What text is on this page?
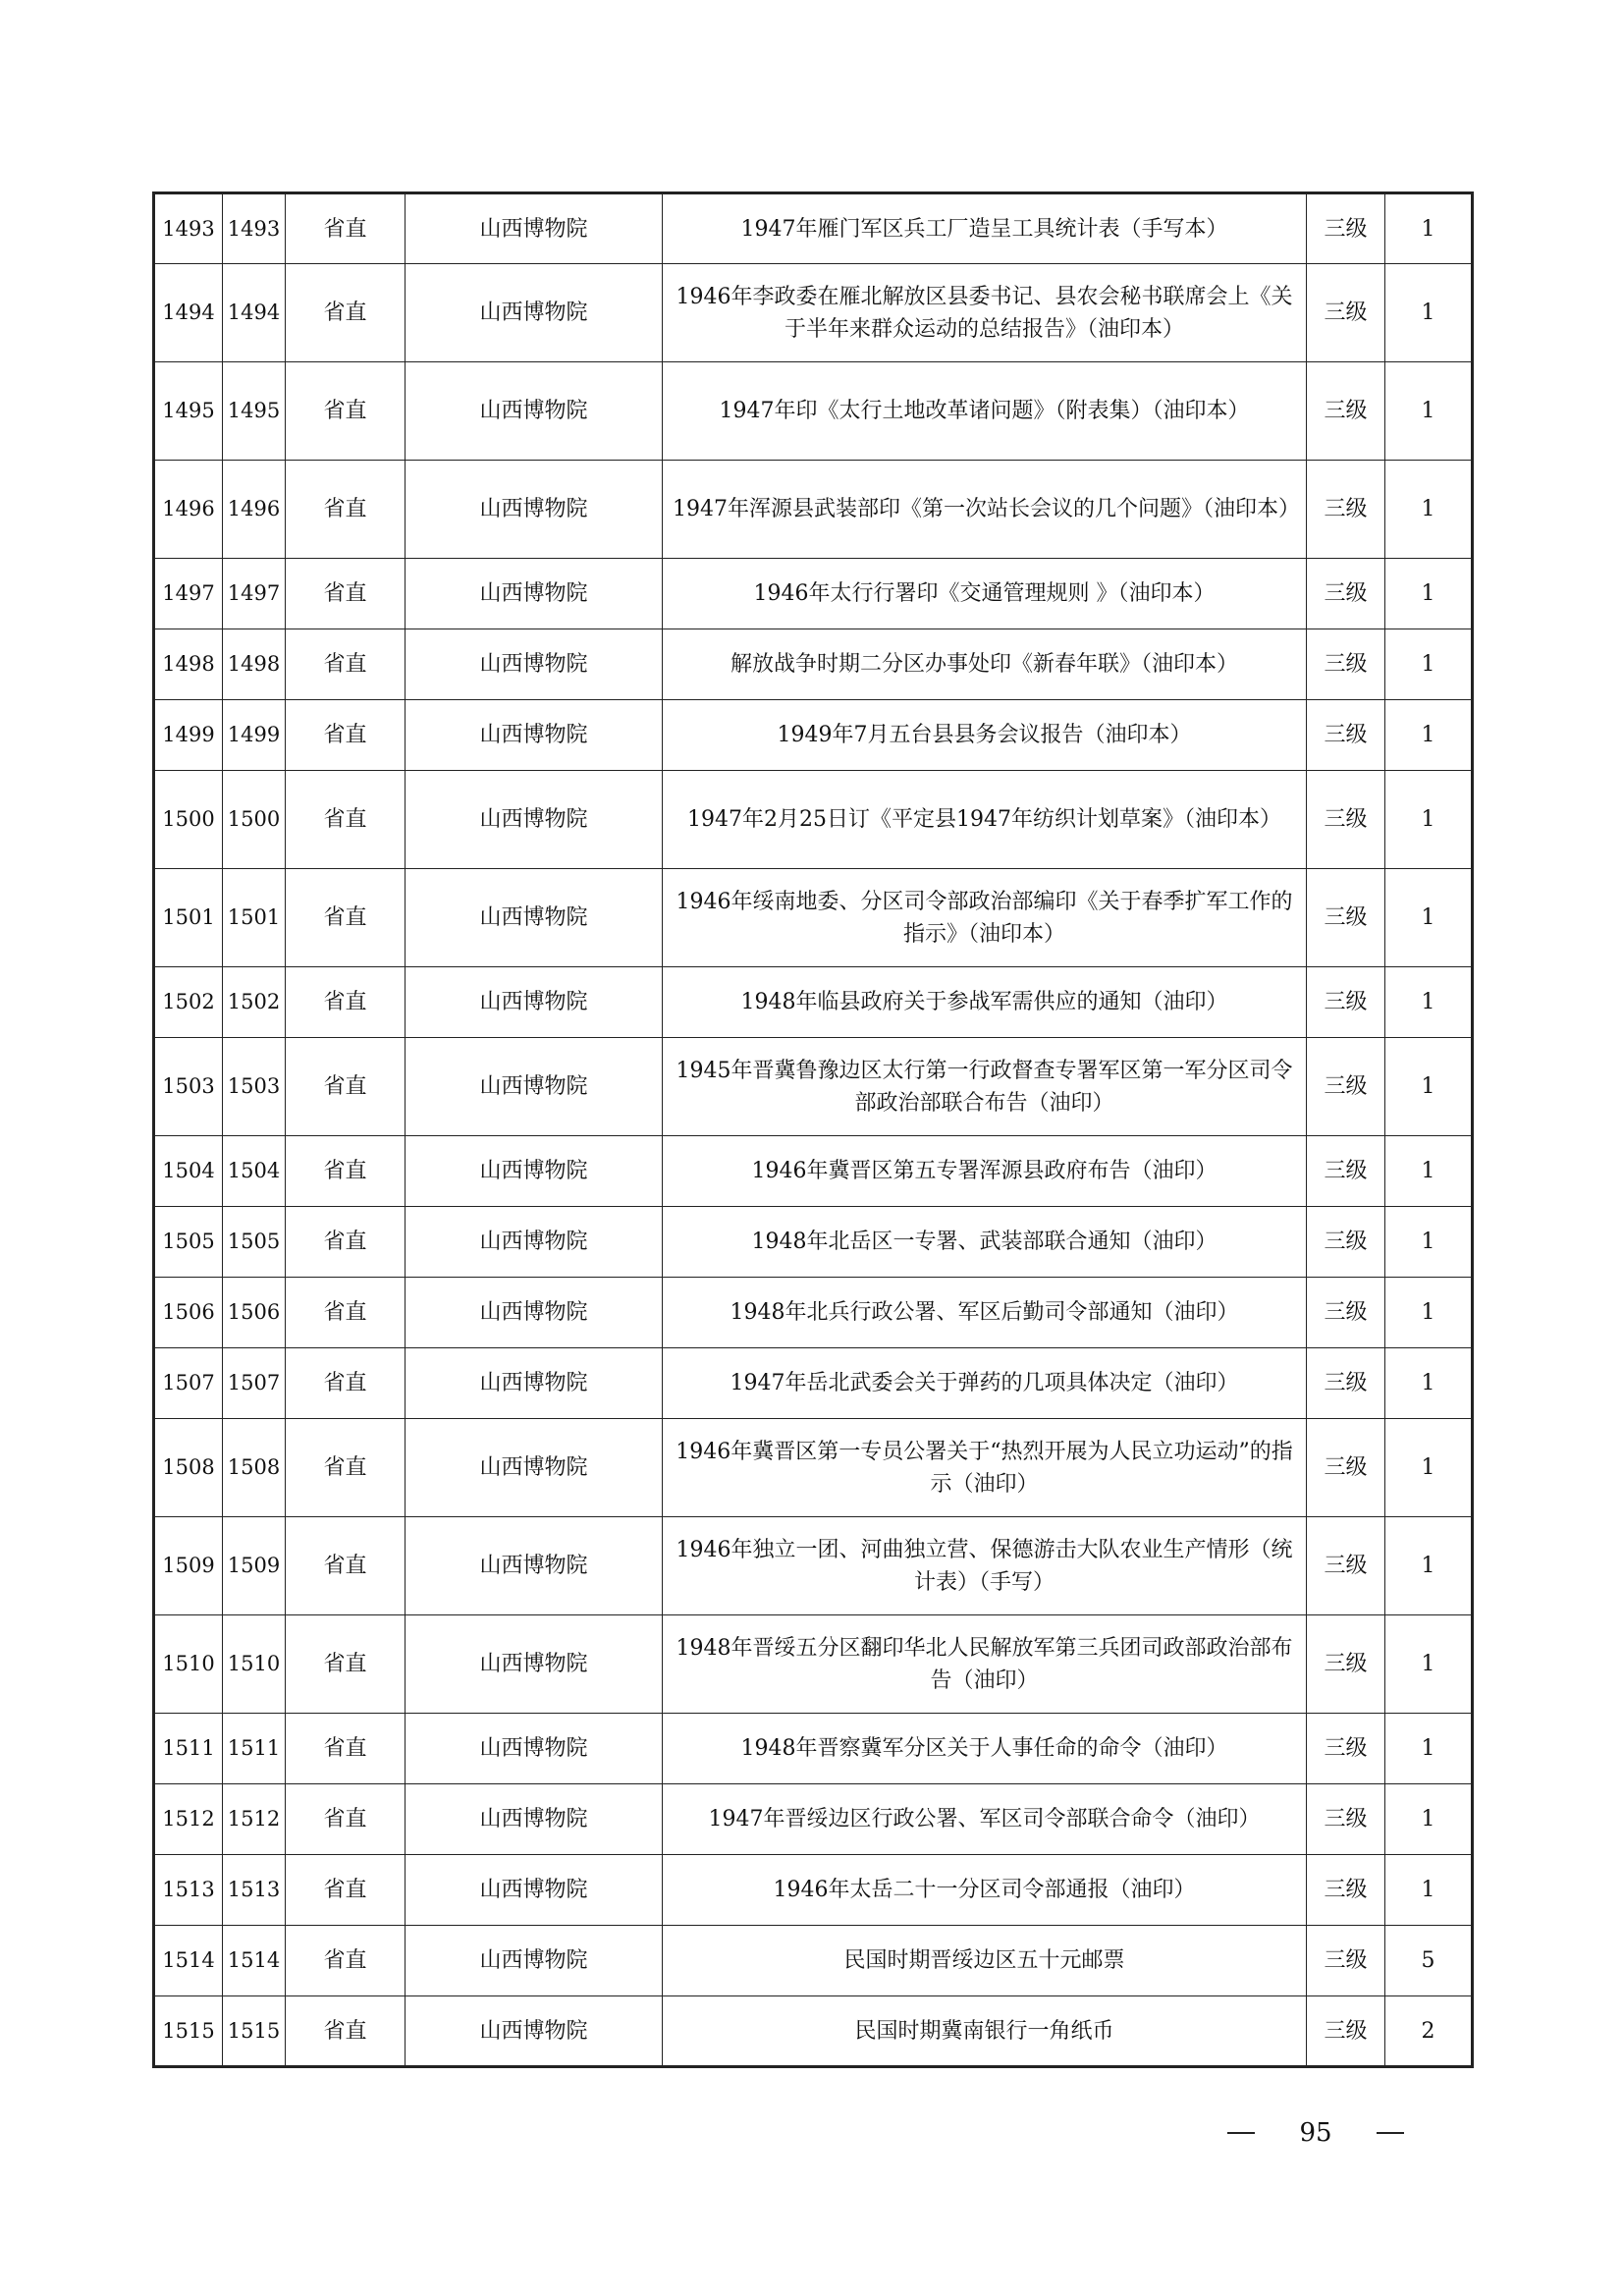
1493	1493	省直	山西博物院	1947年雁门军区兵工厂造呈工具统计表（手写本）	三级	1
1494	1494	省直	山西博物院	1946年李政委在雁北解放区县委书记、县农会秘书联席会上《关于半年来群众运动的总结报告》（油印本）	三级	1
1495	1495	省直	山西博物院	1947年印《太行土地改革诸问题》（附表集）（油印本）	三级	1
1496	1496	省直	山西博物院	1947年浑源县武装部印《第一次站长会议的几个问题》（油印本）	三级	1
1497	1497	省直	山西博物院	1946年太行行署印《交通管理规则 》（油印本）	三级	1
1498	1498	省直	山西博物院	解放战争时期二分区办事处印《新春年联》（油印本）	三级	1
1499	1499	省直	山西博物院	1949年7月五台县县务会议报告（油印本）	三级	1
1500	1500	省直	山西博物院	1947年2月25日订《平定县1947年纺织计划草案》（油印本）	三级	1
1501	1501	省直	山西博物院	1946年绥南地委、分区司令部政治部编印《关于春季扩军工作的指示》（油印本）	三级	1
1502	1502	省直	山西博物院	1948年临县政府关于参战军需供应的通知（油印）	三级	1
1503	1503	省直	山西博物院	1945年晋冀鲁豫边区太行第一行政督查专署军区第一军分区司令部政治部联合布告（油印）	三级	1
1504	1504	省直	山西博物院	1946年冀晋区第五专署浑源县政府布告（油印）	三级	1
1505	1505	省直	山西博物院	1948年北岳区一专署、武装部联合通知（油印）	三级	1
1506	1506	省直	山西博物院	1948年北兵行政公署、军区后勤司令部通知（油印）	三级	1
1507	1507	省直	山西博物院	1947年岳北武委会关于弹药的几项具体决定（油印）	三级	1
1508	1508	省直	山西博物院	1946年冀晋区第一专员公署关于“热烈开展为人民立功运动”的指示（油印）	三级	1
1509	1509	省直	山西博物院	1946年独立一团、河曲独立营、保德游击大队农业生产情形（统计表）（手写）	三级	1
1510	1510	省直	山西博物院	1948年晋绥五分区翻印华北人民解放军第三兵团司政部政治部布告（油印）	三级	1
1511	1511	省直	山西博物院	1948年晋察冀军分区关于人事任命的命令（油印）	三级	1
1512	1512	省直	山西博物院	1947年晋绥边区行政公署、军区司令部联合命令（油印）	三级	1
1513	1513	省直	山西博物院	1946年太岳二十一分区司令部通报（油印）	三级	1
1514	1514	省直	山西博物院	民国时期晋绥边区五十元邮票	三级	5
1515	1515	省直	山西博物院	民国时期冀南银行一角纸币	三级	2
95
